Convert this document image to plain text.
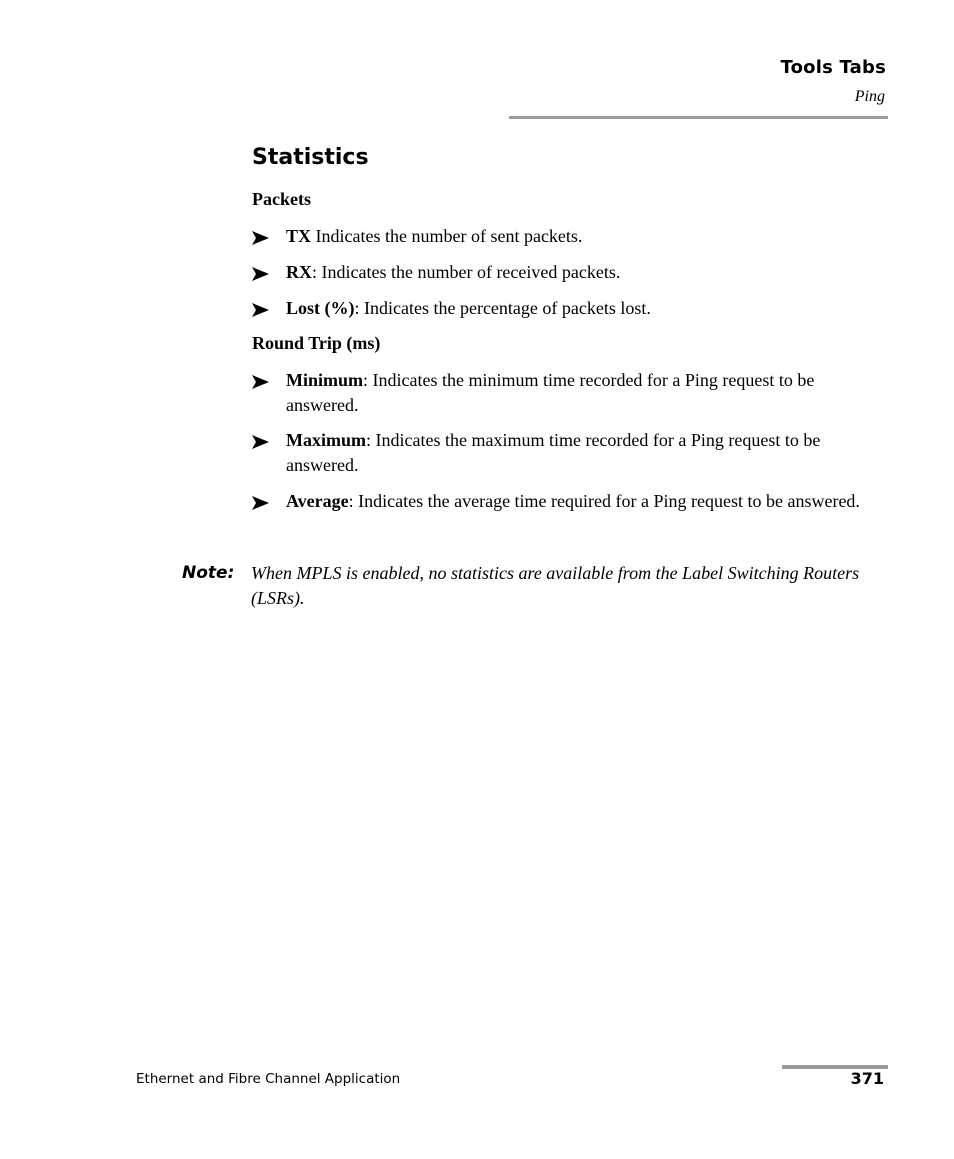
Tools Tabs
Ping
Statistics
Packets
TX Indicates the number of sent packets.
RX: Indicates the number of received packets.
Lost (%): Indicates the percentage of packets lost.
Round Trip (ms)
Minimum: Indicates the minimum time recorded for a Ping request to be answered.
Maximum: Indicates the maximum time recorded for a Ping request to be answered.
Average: Indicates the average time required for a Ping request to be answered.
Note: When MPLS is enabled, no statistics are available from the Label Switching Routers (LSRs).
Ethernet and Fibre Channel Application	371
